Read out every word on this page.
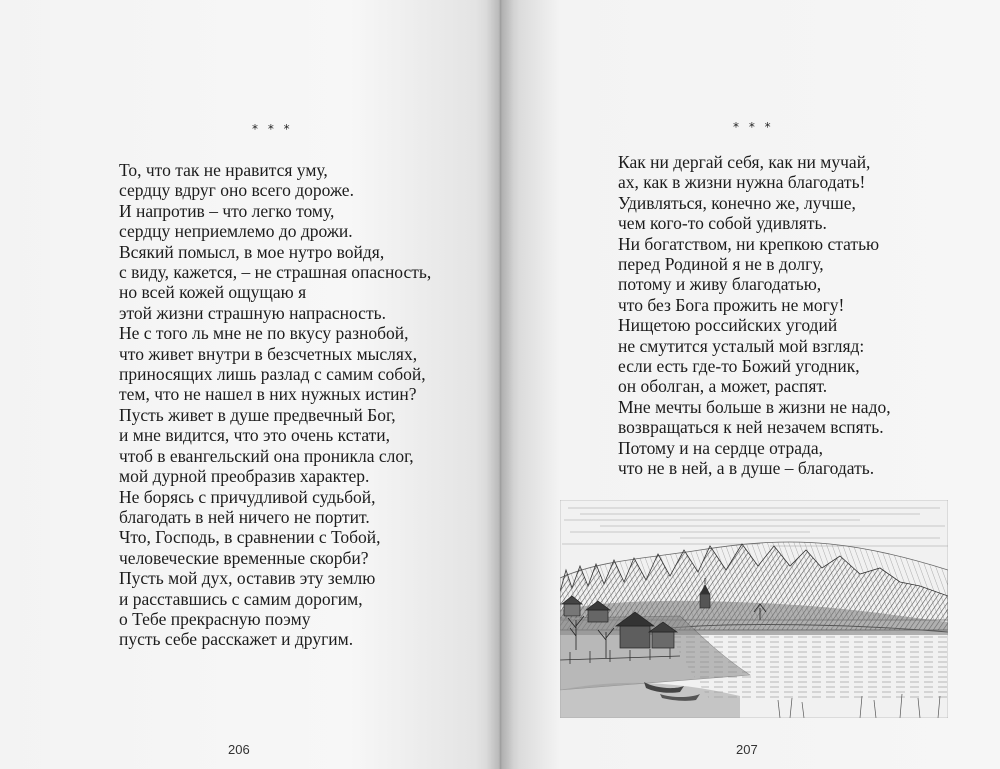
* * *
То, что так не нравится уму,
сердцу вдруг оно всего дороже.
И напротив – что легко тому,
сердцу неприемлемо до дрожи.
Всякий помысл, в мое нутро войдя,
с виду, кажется, – не страшная опасность,
но всей кожей ощущаю я
этой жизни страшную напрасность.
Не с того ль мне не по вкусу разнобой,
что живет внутри в безсчетных мыслях,
приносящих лишь разлад с самим собой,
тем, что не нашел в них нужных истин?
Пусть живет в душе предвечный Бог,
и мне видится, что это очень кстати,
чтоб в евангельский она проникла слог,
мой дурной преобразив характер.
Не борясь с причудливой судьбой,
благодать в ней ничего не портит.
Что, Господь, в сравнении с Тобой,
человеческие временные скорби?
Пусть мой дух, оставив эту землю
и расставшись с самим дорогим,
о Тебе прекрасную поэму
пусть себе расскажет и другим.
206
* * *
Как ни дергай себя, как ни мучай,
ах, как в жизни нужна благодать!
Удивляться, конечно же, лучше,
чем кого-то собой удивлять.
Ни богатством, ни крепкою статью
перед Родиной я не в долгу,
потому и живу благодатью,
что без Бога прожить не могу!
Нищетою российских угодий
не смутится усталый мой взгляд:
если есть где-то Божий угодник,
он оболган, а может, распят.
Мне мечты больше в жизни не надо,
возвращаться к ней незачем вспять.
Потому и на сердце отрада,
что не в ней, а в душе – благодать.
207
